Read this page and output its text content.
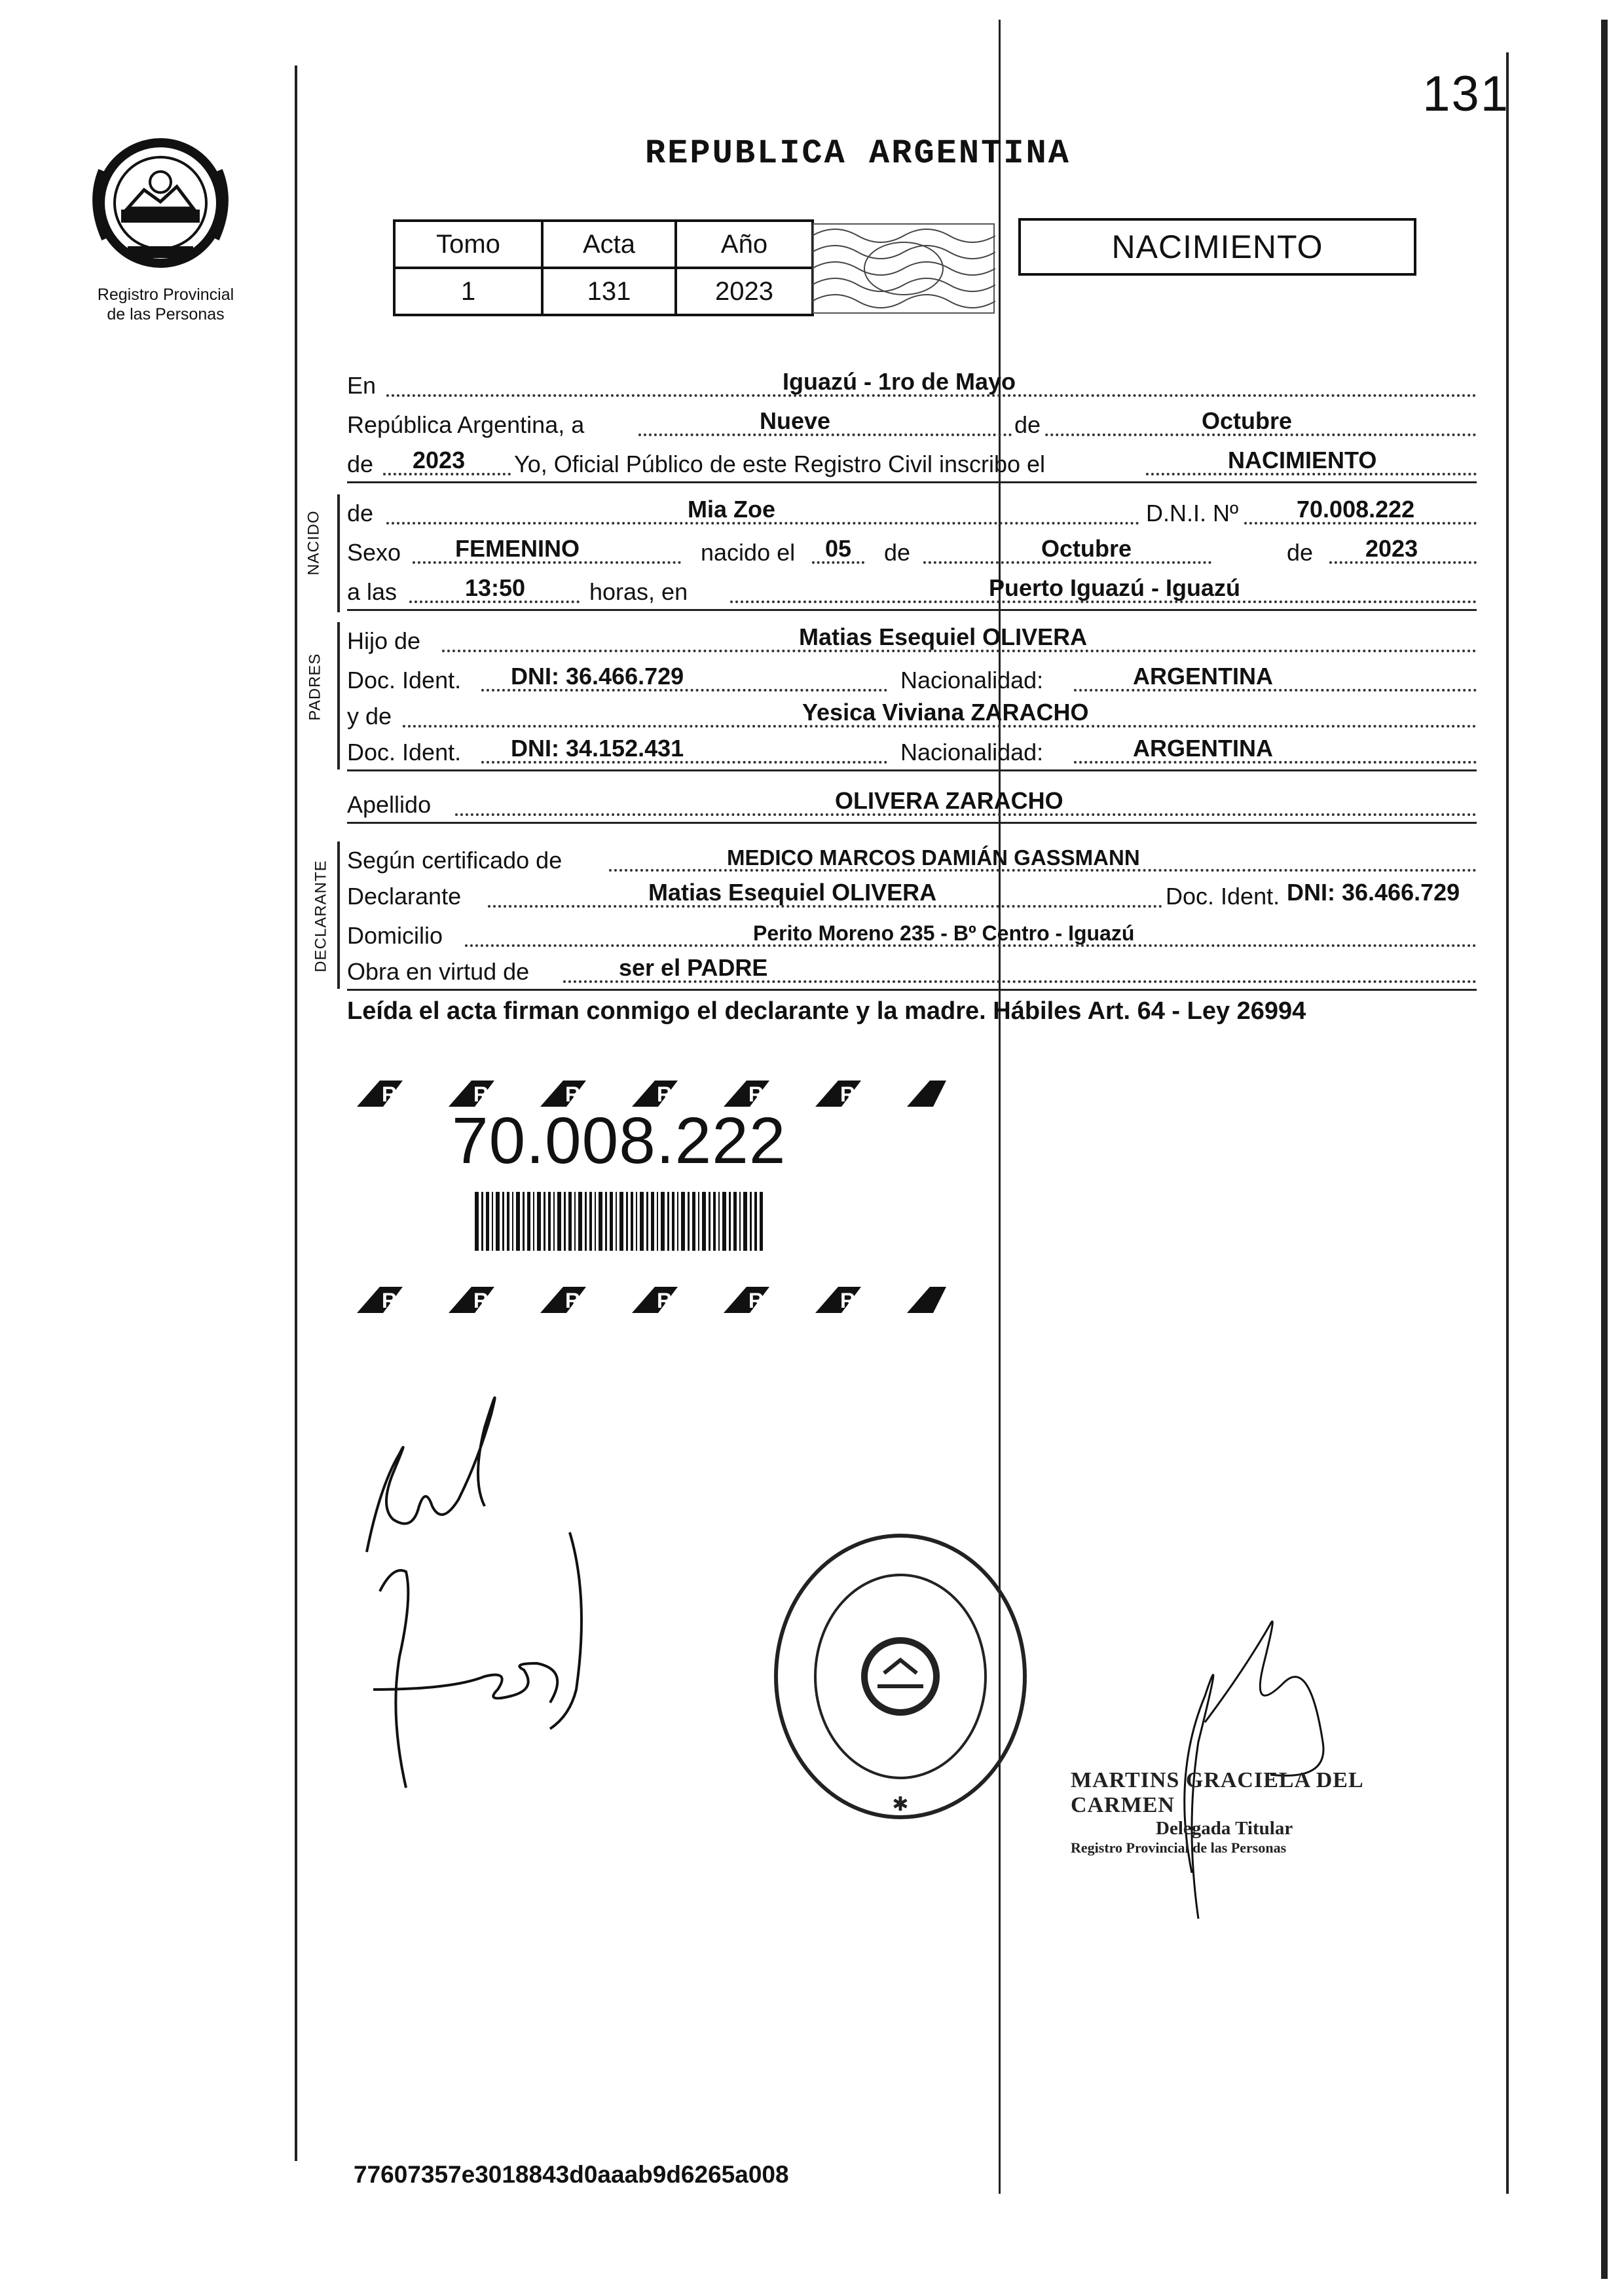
131
Registro Provincial
de las Personas
REPUBLICA ARGENTINA
Tomo	Acta	Año
1	131	2023
NACIMIENTO
En	Iguazú - 1ro de Mayo
República Argentina, a	Nueve	de	Octubre
de 2023 Yo, Oficial Público de este Registro Civil inscribo el	NACIMIENTO
NACIDO de	Mia Zoe	D.N.I. Nº 70.008.222
Sexo FEMENINO	nacido el 05 de	Octubre	de 2023
a las	13:50	horas, en	Puerto Iguazú - Iguazú
PADRES
Hijo de	Matias Esequiel OLIVERA
Doc. Ident. DNI: 36.466.729	Nacionalidad:	ARGENTINA
y de	Yesica Viviana ZARACHO
Doc. Ident. DNI: 34.152.431	Nacionalidad:	ARGENTINA
Apellido	OLIVERA ZARACHO
DECLARANTE Según certificado de	MEDICO MARCOS DAMIÁN GASSMANN
Declarante	Matias Esequiel OLIVERA	Doc. Ident. DNI: 36.466.729
Domicilio	Perito Moreno 235 - Bº Centro - Iguazú
Obra en virtud de	ser el PADRE
Leída el acta firman conmigo el declarante y la madre. Hábiles Art. 64 - Ley 26994
R	R	R	R	R	R
70.008.222
R	R	R	R	R	R
✱
MARTINS GRACIELA DEL CARMEN
Delegada Titular
Registro Provincial de las Personas
77607357e3018843d0aaab9d6265a008
